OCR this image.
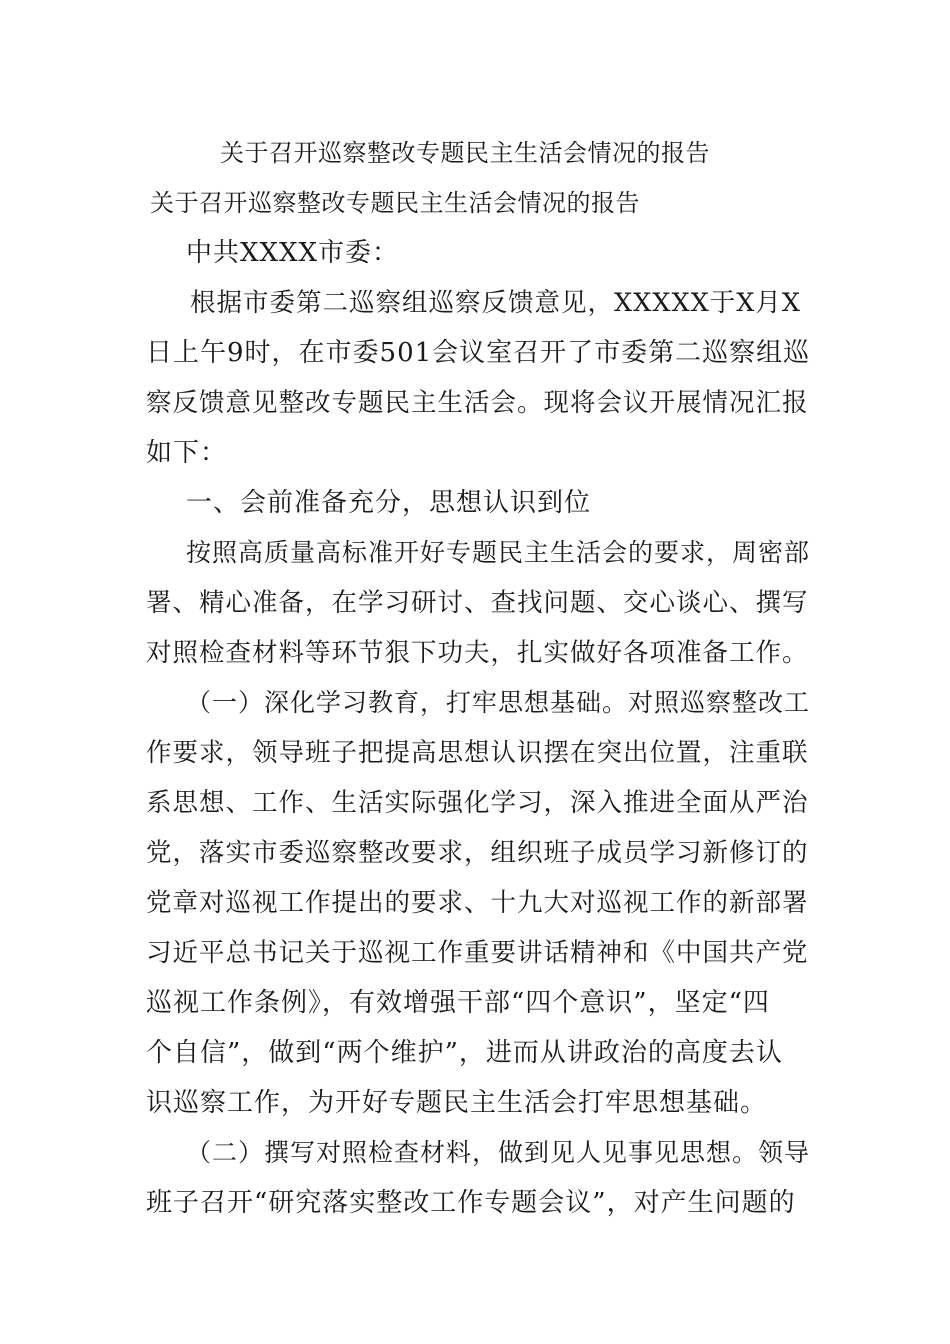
关于召开巡察整改专题民主生活会情况的报告
关于召开巡察整改专题民主生活会情况的报告
中共XXXX市委：
根据市委第二巡察组巡察反馈意见，XXXXX于X月X
日上午9时，在市委501会议室召开了市委第二巡察组巡
察反馈意见整改专题民主生活会。现将会议开展情况汇报
如下：
一、会前准备充分，思想认识到位
按照高质量高标准开好专题民主生活会的要求，周密部
署、精心准备，在学习研讨、查找问题、交心谈心、撰写
对照检查材料等环节狠下功夫，扎实做好各项准备工作。
（一）深化学习教育，打牢思想基础。对照巡察整改工
作要求，领导班子把提高思想认识摆在突出位置，注重联
系思想、工作、生活实际强化学习，深入推进全面从严治
党，落实市委巡察整改要求，组织班子成员学习新修订的
党章对巡视工作提出的要求、十九大对巡视工作的新部署
习近平总书记关于巡视工作重要讲话精神和《中国共产党
巡视工作条例》，有效增强干部“四个意识”，坚定“四
个自信”，做到“两个维护”，进而从讲政治的高度去认
识巡察工作，为开好专题民主生活会打牢思想基础。
（二）撰写对照检查材料，做到见人见事见思想。领导
班子召开“研究落实整改工作专题会议”，对产生问题的
